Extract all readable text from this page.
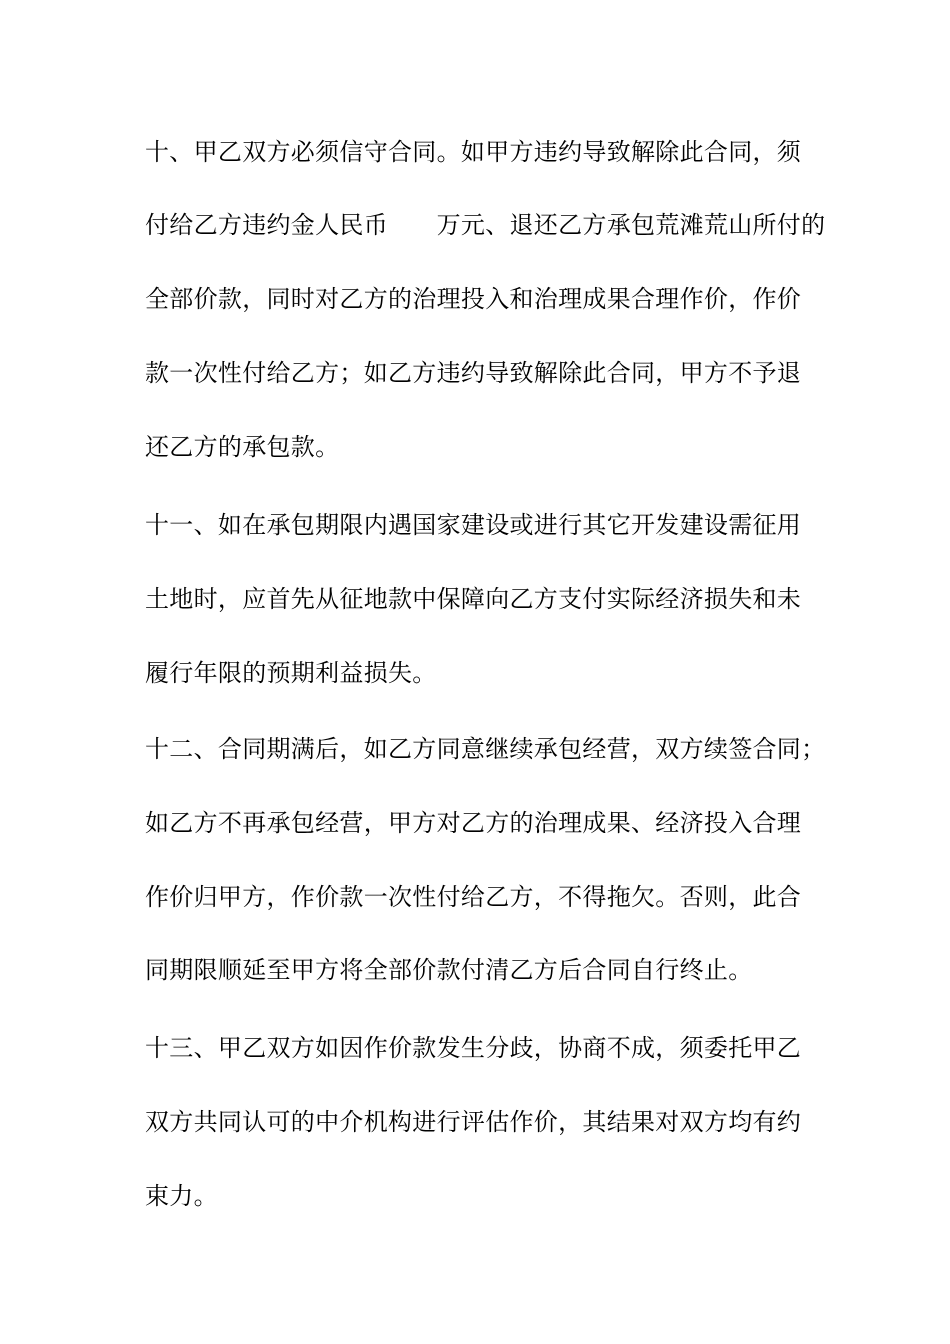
十、甲乙双方必须信守合同。如甲方违约导致解除此合同，须
付给乙方违约金人民币　　万元、退还乙方承包荒滩荒山所付的
全部价款，同时对乙方的治理投入和治理成果合理作价，作价
款一次性付给乙方；如乙方违约导致解除此合同，甲方不予退
还乙方的承包款。
十一、如在承包期限内遇国家建设或进行其它开发建设需征用
土地时，应首先从征地款中保障向乙方支付实际经济损失和未
履行年限的预期利益损失。
十二、合同期满后，如乙方同意继续承包经营，双方续签合同；
如乙方不再承包经营，甲方对乙方的治理成果、经济投入合理
作价归甲方，作价款一次性付给乙方，不得拖欠。否则，此合
同期限顺延至甲方将全部价款付清乙方后合同自行终止。
十三、甲乙双方如因作价款发生分歧，协商不成，须委托甲乙
双方共同认可的中介机构进行评估作价，其结果对双方均有约
束力。
